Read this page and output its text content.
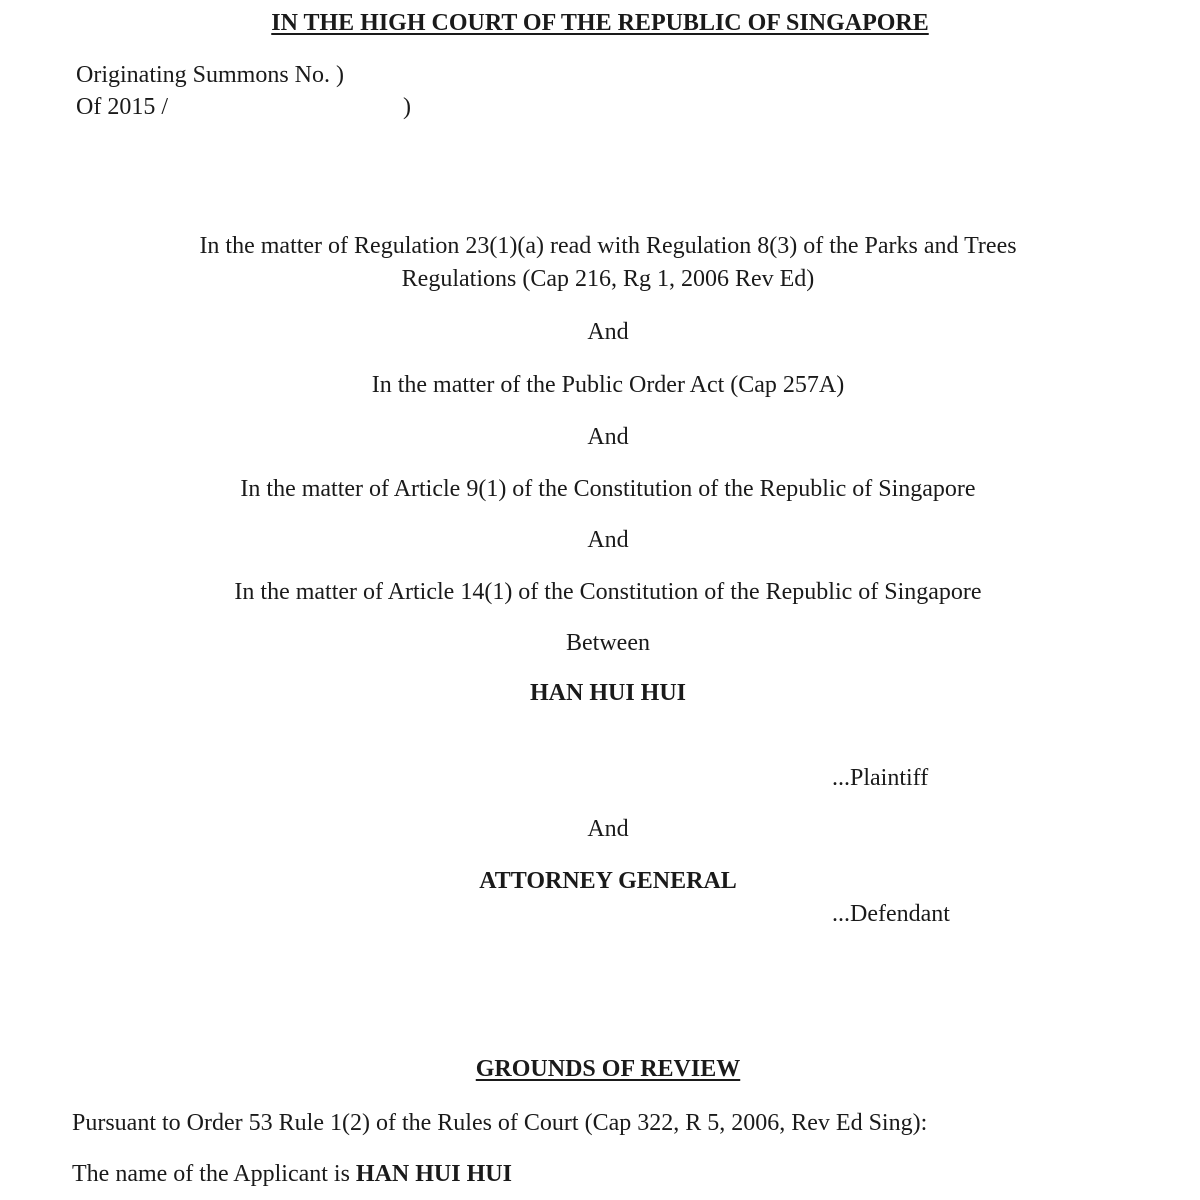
IN THE HIGH COURT OF THE REPUBLIC OF SINGAPORE
Originating Summons No. )
Of 2015 /	)
In the matter of Regulation 23(1)(a) read with Regulation 8(3) of the Parks and Trees
Regulations (Cap 216, Rg 1, 2006 Rev Ed)
And
In the matter of the Public Order Act (Cap 257A)
And
In the matter of Article 9(1) of the Constitution of the Republic of Singapore
And
In the matter of Article 14(1) of the Constitution of the Republic of Singapore
Between
HAN HUI HUI
...Plaintiff
And
ATTORNEY GENERAL
...Defendant
GROUNDS OF REVIEW
Pursuant to Order 53 Rule 1(2) of the Rules of Court (Cap 322, R 5, 2006, Rev Ed Sing):
The name of the Applicant is HAN HUI HUI
